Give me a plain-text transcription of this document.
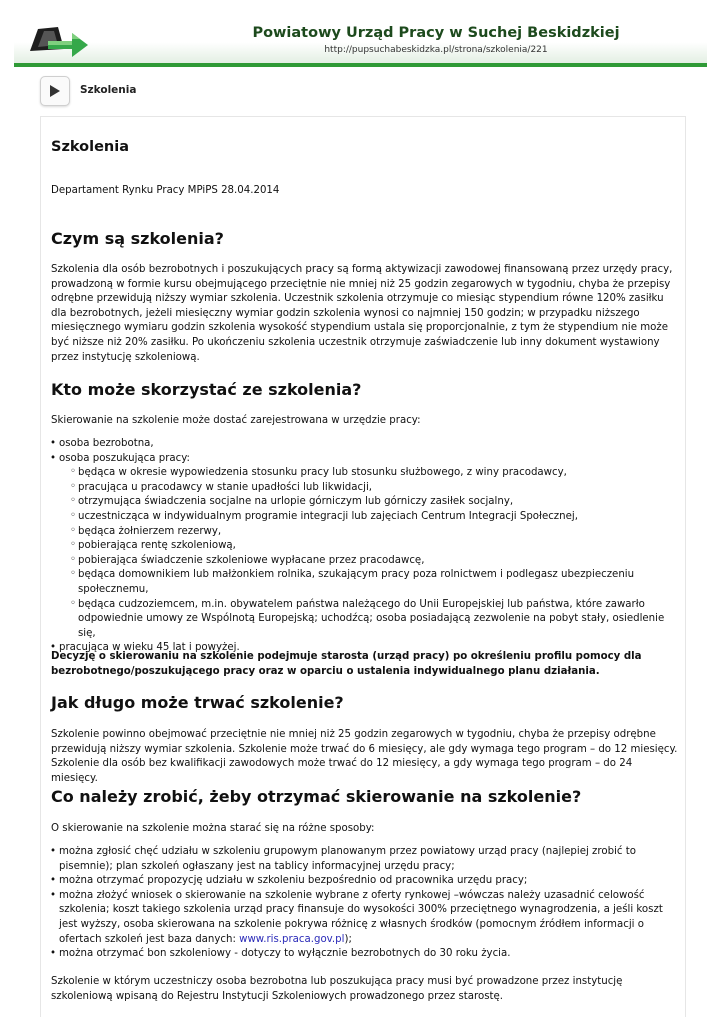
Powiatowy Urząd Pracy w Suchej Beskidzkiej
http://pupsuchabeskidzka.pl/strona/szkolenia/221
Szkolenia
Szkolenia

Departament Rynku Pracy MPiPS 28.04.2014

Czym są szkolenia?

Szkolenia dla osób bezrobotnych i poszukujących pracy są formą aktywizacji zawodowej finansowaną przez urzędy pracy, prowadzoną w formie kursu obejmującego przeciętnie nie mniej niż 25 godzin zegarowych w tygodniu, chyba że przepisy odrębne przewidują niższy wymiar szkolenia. Uczestnik szkolenia otrzymuje co miesiąc stypendium równe 120% zasiłku dla bezrobotnych, jeżeli miesięczny wymiar godzin szkolenia wynosi co najmniej 150 godzin; w przypadku niższego miesięcznego wymiaru godzin szkolenia wysokość stypendium ustala się proporcjonalnie, z tym że stypendium nie może być niższe niż 20% zasiłku. Po ukończeniu szkolenia uczestnik otrzymuje zaświadczenie lub inny dokument wystawiony przez instytucję szkoleniową.

Kto może skorzystać ze szkolenia?

Skierowanie na szkolenie może dostać zarejestrowana w urzędzie pracy:

• osoba bezrobotna,
• osoba poszukująca pracy:
◦ będąca w okresie wypowiedzenia stosunku pracy lub stosunku służbowego, z winy pracodawcy,
◦ pracująca u pracodawcy w stanie upadłości lub likwidacji,
◦ otrzymująca świadczenia socjalne na urlopie górniczym lub górniczy zasiłek socjalny,
◦ uczestnicząca w indywidualnym programie integracji lub zajęciach Centrum Integracji Społecznej,
◦ będąca żołnierzem rezerwy,
◦ pobierająca rentę szkoleniową,
◦ pobierająca świadczenie szkoleniowe wypłacane przez pracodawcę,
◦ będąca domownikiem lub małżonkiem rolnika, szukającym pracy poza rolnictwem i podlegasz ubezpieczeniu społecznemu,
◦ będąca cudzoziemcem, m.in. obywatelem państwa należącego do Unii Europejskiej lub państwa, które zawarło odpowiednie umowy ze Wspólnotą Europejską; uchodźcą; osoba posiadającą zezwolenie na pobyt stały, osiedlenie się,
• pracująca w wieku 45 lat i powyżej.

Decyzję o skierowaniu na szkolenie podejmuje starosta (urząd pracy) po określeniu profilu pomocy dla bezrobotnego/poszukującego pracy oraz w oparciu o ustalenia indywidualnego planu działania.

Jak długo może trwać szkolenie?

Szkolenie powinno obejmować przeciętnie nie mniej niż 25 godzin zegarowych w tygodniu, chyba że przepisy odrębne przewidują niższy wymiar szkolenia. Szkolenie może trwać do 6 miesięcy, ale gdy wymaga tego program – do 12 miesięcy. Szkolenie dla osób bez kwalifikacji zawodowych może trwać do 12 miesięcy, a gdy wymaga tego program – do 24 miesięcy.

Co należy zrobić, żeby otrzymać skierowanie na szkolenie?

O skierowanie na szkolenie można starać się na różne sposoby:

• można zgłosić chęć udziału w szkoleniu grupowym planowanym przez powiatowy urząd pracy (najlepiej zrobić to pisemnie); plan szkoleń ogłaszany jest na tablicy informacyjnej urzędu pracy;
• można otrzymać propozycję udziału w szkoleniu bezpośrednio od pracownika urzędu pracy;
• można złożyć wniosek o skierowanie na szkolenie wybrane z oferty rynkowej –wówczas należy uzasadnić celowość szkolenia; koszt takiego szkolenia urząd pracy finansuje do wysokości 300% przeciętnego wynagrodzenia, a jeśli koszt jest wyższy, osoba skierowana na szkolenie pokrywa różnicę z własnych środków (pomocnym źródłem informacji o ofertach szkoleń jest baza danych: www.ris.praca.gov.pl);
• można otrzymać bon szkoleniowy - dotyczy to wyłącznie bezrobotnych do 30 roku życia.

Szkolenie w którym uczestniczy osoba bezrobotna lub poszukująca pracy musi być prowadzone przez instytucję szkoleniową wpisaną do Rejestru Instytucji Szkoleniowych prowadzonego przez starostę.
